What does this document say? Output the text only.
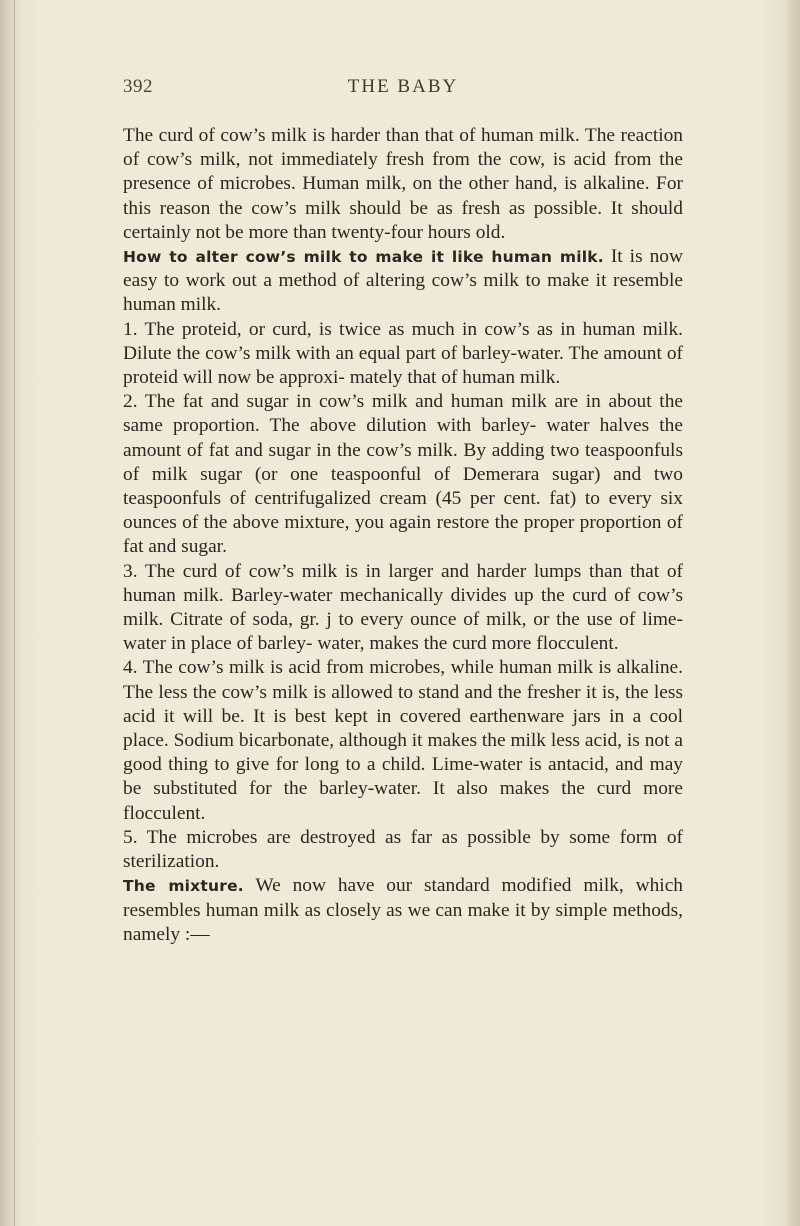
392	THE BABY

The curd of cow’s milk is harder than that of human milk. The reaction of cow’s milk, not immediately fresh from the cow, is acid from the presence of microbes. Human milk, on the other hand, is alkaline. For this reason the cow’s milk should be as fresh as possible. It should certainly not be more than twenty-four hours old.

How to alter cow’s milk to make it like human milk. It is now easy to work out a method of altering cow’s milk to make it resemble human milk.

1. The proteid, or curd, is twice as much in cow’s as in human milk. Dilute the cow’s milk with an equal part of barley-water. The amount of proteid will now be approxi- mately that of human milk.

2. The fat and sugar in cow’s milk and human milk are in about the same proportion. The above dilution with barley- water halves the amount of fat and sugar in the cow’s milk. By adding two teaspoonfuls of milk sugar (or one teaspoonful of Demerara sugar) and two teaspoonfuls of centrifugalized cream (45 per cent. fat) to every six ounces of the above mixture, you again restore the proper proportion of fat and sugar.

3. The curd of cow’s milk is in larger and harder lumps than that of human milk. Barley-water mechanically divides up the curd of cow’s milk. Citrate of soda, gr. j to every ounce of milk, or the use of lime-water in place of barley- water, makes the curd more flocculent.

4. The cow’s milk is acid from microbes, while human milk is alkaline. The less the cow’s milk is allowed to stand and the fresher it is, the less acid it will be. It is best kept in covered earthenware jars in a cool place. Sodium bicarbonate, although it makes the milk less acid, is not a good thing to give for long to a child. Lime-water is antacid, and may be substituted for the barley-water. It also makes the curd more flocculent.

5. The microbes are destroyed as far as possible by some form of sterilization.

The mixture. We now have our standard modified milk, which resembles human milk as closely as we can make it by simple methods, namely :—
